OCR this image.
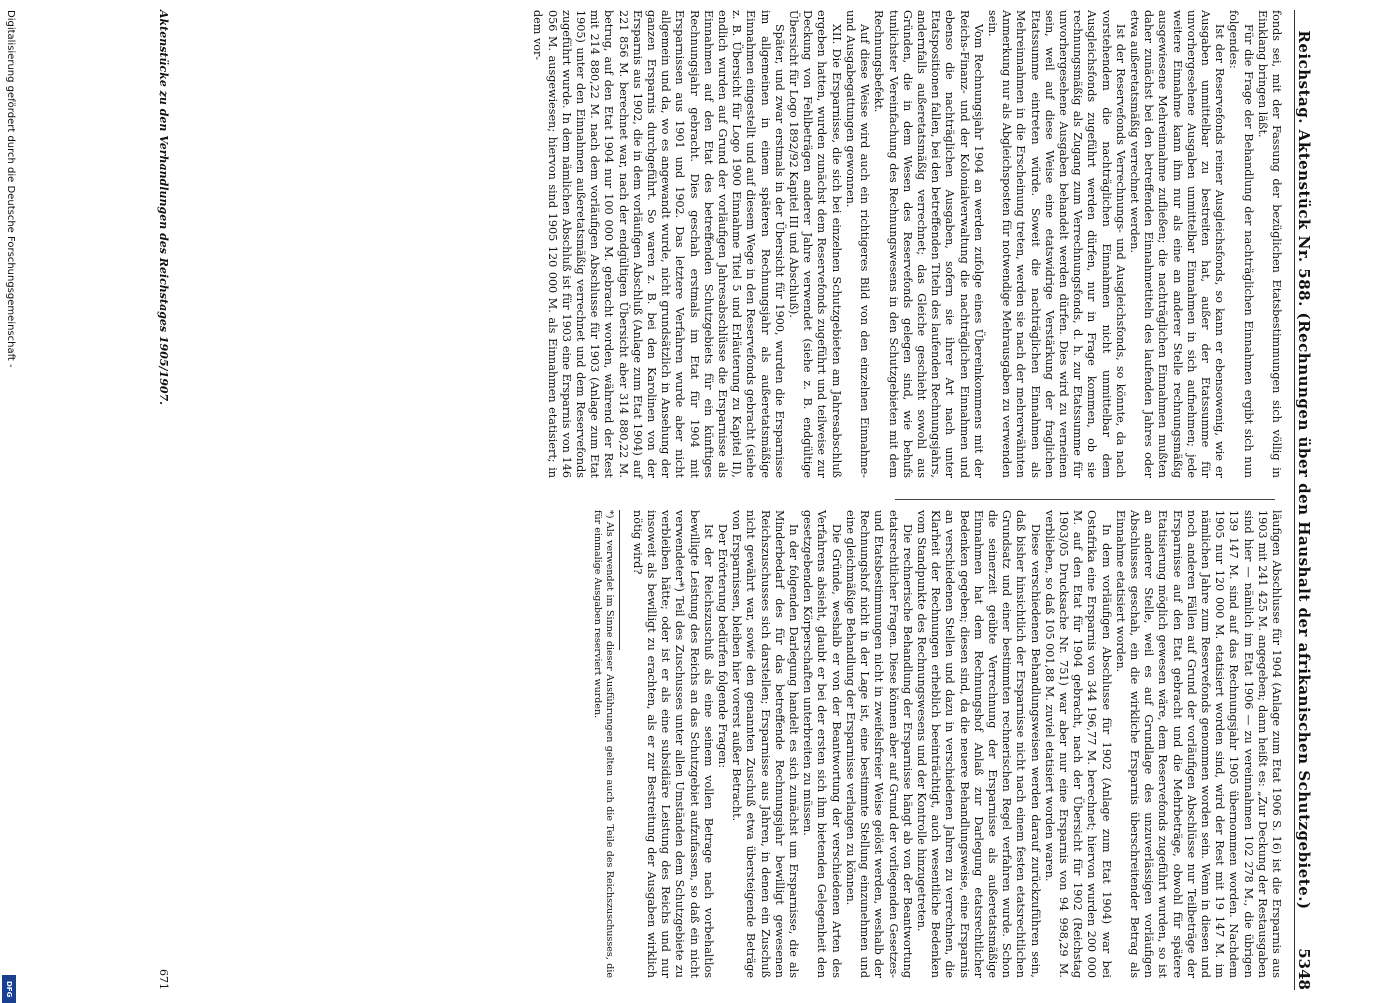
Reichstag. Aktenstück Nr. 588. (Rechnungen über den Haushalt der afrikanischen Schutzgebiete.)
5348

fonds sei, mit der Fassung der bezüglichen Etatsbestimmungen sich völlig in Einklang bringen läßt.

Für die Frage der Behandlung der nachträglichen Einnahmen ergibt sich nun folgendes:

Ist der Reservefonds reiner Ausgleichsfonds, so kann er ebensowenig, wie er Ausgaben unmittelbar zu bestreiten hat, außer der Etatssumme für unvorhergesehene Ausgaben unmittelbar Einnahmen in sich aufnehmen; jede weitere Einnahme kann ihm nur als eine an anderer Stelle rechnungsmäßig ausgewiesene Mehreinnahme zufließen; die nachträglichen Einnahmen mußten daher zunächst bei den betreffenden Einnahmetiteln des laufenden Jahres oder etwa außeretatsmäßig verrechnet werden.

Ist der Reservefonds Verrechnungs- und Ausgleichsfonds, so könnte, da nach vorstehendem die nachträglichen Einnahmen nicht unmittelbar dem Ausgleichsfonds zugeführt werden dürfen, nur in Frage kommen, ob sie rechnungsmäßig als Zugang zum Verrechnungsfonds, d. h. zur Etatssumme für unvorhergesehene Ausgaben behandelt werden dürfen. Dies wird zu verneinen sein, weil auf diese Weise eine etatswidrige Verstärkung der fraglichen Etatssumme eintreten würde. Soweit die nachträglichen Einnahmen als Mehreinnahmen in die Erscheinung treten, werden sie nach der mehrerwähnten Anmerkung nur als Abgleichsposten für notwendige Mehrausgaben zu verwenden sein.

Vom Rechnungsjahr 1904 an werden zufolge eines Übereinkommens mit der Reichs-Finanz- und der Kolonialverwaltung die nachträglichen Einnahmen und ebenso die nachträglichen Ausgaben, sofern sie ihrer Art nach unter Etatspositionen fallen, bei den betreffenden Titeln des laufenden Rechnungsjahrs, andernfalls außeretatsmäßig verrechnet; das Gleiche geschieht sowohl aus Gründen, die in dem Wesen des Reservefonds gelegen sind, wie behufs tunlichster Vereinfachung des Rechnungswesens in den Schutzgebieten mit dem Rechnungsbefekt.

Auf diese Weise wird auch ein richtigeres Bild von den einzelnen Einnahme- und Ausgabegattungen gewonnen.

XII. Die Ersparnisse, die sich bei einzelnen Schutzgebieten am Jahresabschluß ergeben hatten, wurden zunächst dem Reservefonds zugeführt und teilweise zur Deckung von Fehlbeträgen anderer Jahre verwendet (siehe z. B. endgültige Übersicht für Logo 1892/92 Kapitel III und Abschluß).

Später, und zwar erstmals in der Übersicht für 1900, wurden die Ersparnisse im allgemeinen in einem späteren Rechnungsjahr als außeretatsmäßige Einnahmen eingestellt und auf diesem Wege in den Reservefonds gebracht (siehe z. B. Übersicht für Logo 1900 Einnahme Titel 5 und Erläuterung zu Kapitel II), endlich wurden auf Grund der vorläufigen Jahresabschlüsse die Ersparnisse als Einnahmen auf den Etat des betreffenden Schutzgebiets für ein künftiges Rechnungsjahr gebracht. Dies geschah erstmals im Etat für 1904 mit Ersparnissen aus 1901 und 1902. Das letztere Verfahren wurde aber nicht allgemein und da, wo es angewandt wurde, nicht grundsätzlich in Ansehung der ganzen Ersparnis durchgeführt. So waren z. B. bei den Karolinen von der Ersparnis aus 1902, die in dem vorläufigen Abschluß (Anlage zum Etat 1904) auf 221 856 M. berechnet war, nach der endgültigen Übersicht aber 314 880,22 M. betrug, auf den Etat 1904 nur 100 000 M. gebracht worden, während der Rest mit 214 880,22 M. nach dem vorläufigen Abschlusse für 1903 (Anlage zum Etat 1905) unter den Einnahmen außeretatsmäßig verrechnet und dem Reservefonds zugeführt wurde. In dem nämlichen Abschluß ist für 1903 eine Ersparnis von 146 056 M. ausgewiesen; hiervon sind 1905 120 000 M. als Einnahmen etatisiert; in dem vor-

läufigen Abschlusse für 1904 (Anlage zum Etat 1906 S. 16) ist die Ersparnis aus 1903 mit 241 425 M. angegeben; dann heißt es: „Zur Deckung der Restausgaben sind hier — nämlich im Etat 1906 — zu vereinnahmen 102 278 M., die übrigen 139 147 M. sind auf das Rechnungsjahr 1905 übernommen worden. Nachdem 1905 nur 120 000 M. etatisiert worden sind, wird der Rest mit 19 147 M. im nämlichen Jahre zum Reservefonds genommen worden sein. Wenn in diesen und noch anderen Fällen auf Grund der vorläufigen Abschlüsse nur Teilbeträge der Ersparnisse auf den Etat gebracht und die Mehrbeträge, obwohl für spätere Etatisierung möglich gewesen wäre, dem Reservefonds zugeführt wurden, so ist an anderer Stelle, weil es auf Grundlage des unzuverlässigen vorläufigen Abschlusses geschah, ein die wirkliche Ersparnis überschreitender Betrag als Einnahme etatisiert worden.

In dem vorläufigen Abschlusse für 1902 (Anlage zum Etat 1904) war bei Ostafrika eine Ersparnis von 344 196,77 M. berechnet; hiervon wurden 200 000 M. auf den Etat für 1904 gebracht, nach der Übersicht für 1902 (Reichstag 1903/05 Drucksache Nr. 751) war aber nur eine Ersparnis von 94 998,29 M. verblieben, so daß 105 001,88 M. zuviel etatisiert worden waren.

Diese verschiedenen Behandlungsweisen werden darauf zurückzuführen sein, daß bisher hinsichtlich der Ersparnisse nicht nach einem festen etatsrechtlichen Grundsatz und einer bestimmten rechnerischen Regel verfahren wurde. Schon die seinerzeit geübte Verrechnung der Ersparnisse als außeretatsmäßige Einnahmen hat dem Rechnungshof Anlaß zur Darlegung etatsrechtlicher Bedenken gegeben; diesen sind, da die neuere Behandlungsweise, eine Ersparnis an verschiedenen Stellen und dazu in verschiedenen Jahren zu verrechnen, die Klarheit der Rechnungen erheblich beeinträchtigt, auch wesentliche Bedenken vom Standpunkte des Rechnungswesens und der Kontrolle hinzugetreten.

Die rechnerische Behandlung der Ersparnisse hängt ab von der Beantwortung etatsrechtlicher Fragen. Diese können aber auf Grund der vorliegenden Gesetzes- und Etatsbestimmungen nicht in zweifelsfreier Weise gelöst werden, weshalb der Rechnungshof nicht in der Lage ist, eine bestimmte Stellung einzunehmen und eine gleichmäßige Behandlung der Ersparnisse verlangen zu können.

Die Gründe, weshalb er von der Beantwortung der verschiedenen Arten des Verfahrens absieht, glaubt er bei der ersten sich ihm bietenden Gelegenheit den gesetzgebenden Körperschaften unterbreiten zu müssen.

In der folgenden Darlegung handelt es sich zunächst um Ersparnisse, die als Minderbedarf des für das betreffende Rechnungsjahr bewilligt gewesenen Reichszuschusses sich darstellen; Ersparnisse aus Jahren, in denen ein Zuschuß nicht gewährt war, sowie den genannten Zuschuß etwa übersteigende Beträge von Ersparnissen, bleiben hier vorerst außer Betracht.

Der Erörterung bedürfen folgende Fragen:

Ist der Reichszuschuß als eine seinem vollen Betrage nach vorbehaltlos bewilligte Leistung des Reichs an das Schutzgebiet aufzufassen, so daß ein nicht verwendeter*) Teil des Zuschusses unter allen Umständen dem Schutzgebiete zu verbleiben hätte; oder ist er als eine subsidiäre Leistung des Reichs und nur insoweit als bewilligt zu erachten, als er zur Bestreitung der Ausgaben wirklich nötig wird?

*) Als verwendet im Sinne dieser Ausführungen gelten auch die Teile des Reichszuschusses, die für einmalige Ausgaben reserviert wurden.

Aktenstücke zu den Verhandlungen des Reichstages 1905/1907.
671
Digitalisierung gefördert durch die Deutsche Forschungsgemeinschaft -
DFG
